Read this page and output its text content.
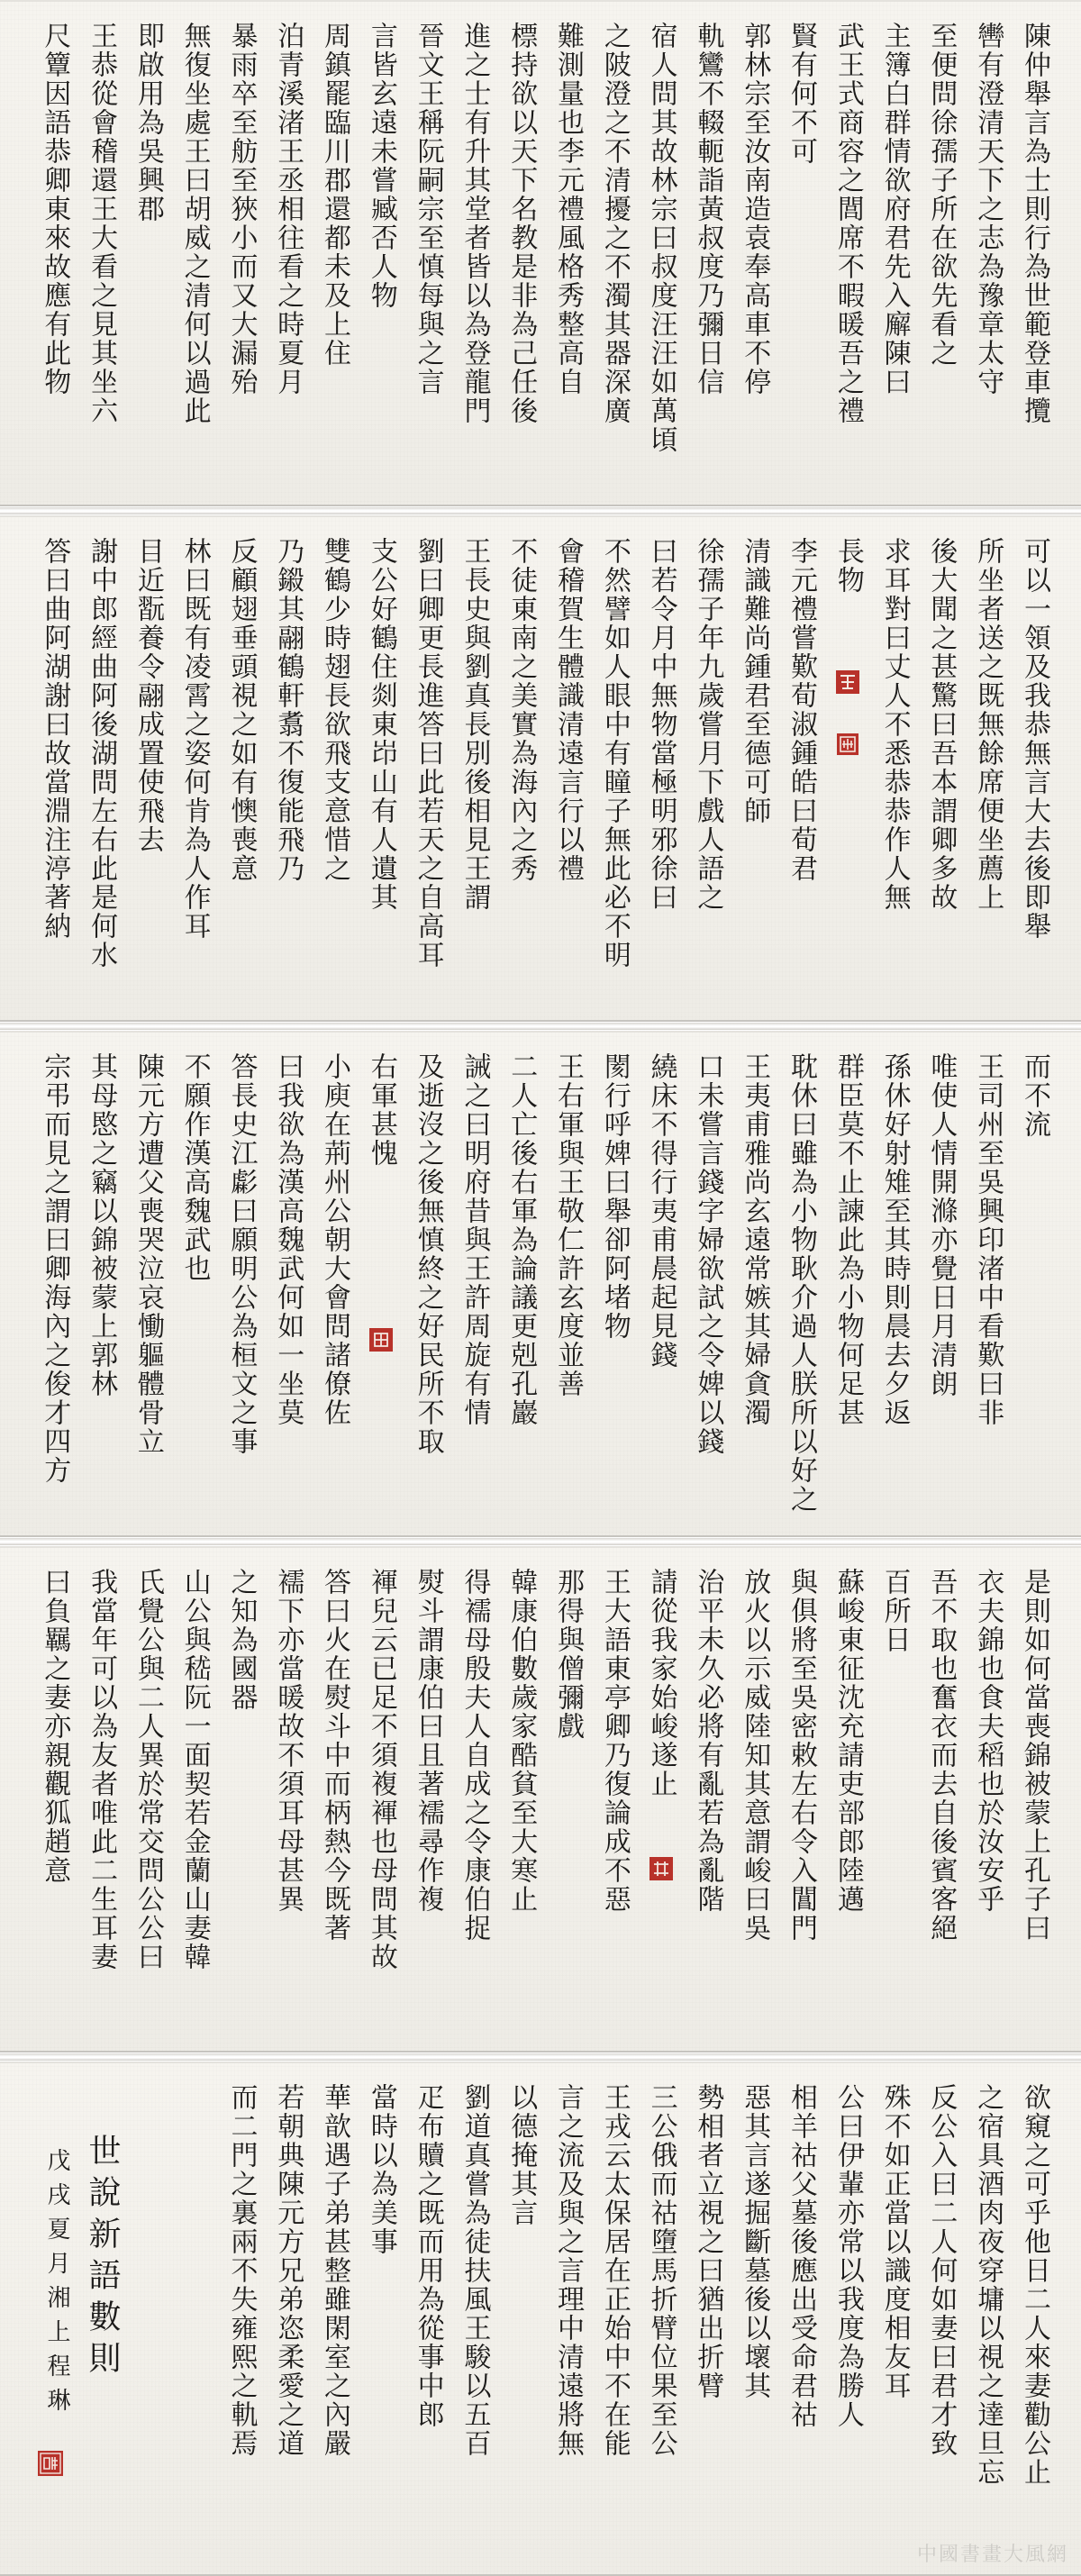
陳仲舉言為士則行為世範登車攬
轡有澄清天下之志為豫章太守
至便問徐孺子所在欲先看之
主簿白群情欲府君先入廨陳曰
武王式商容之閭席不暇暖吾之禮
賢有何不可
郭林宗至汝南造袁奉高車不停
軌鸞不輟軛詣黃叔度乃彌日信
宿人問其故林宗曰叔度汪汪如萬頃
之陂澄之不清擾之不濁其器深廣
難測量也李元禮風格秀整高自
標持欲以天下名教是非為己任後
進之士有升其堂者皆以為登龍門
晉文王稱阮嗣宗至慎每與之言
言皆玄遠未嘗臧否人物
周鎮罷臨川郡還都未及上住
泊青溪渚王丞相往看之時夏月
暴雨卒至舫至狹小而又大漏殆
無復坐處王曰胡威之清何以過此
即啟用為吳興郡
王恭從會稽還王大看之見其坐六
尺簟因語恭卿東來故應有此物
可以一領及我恭無言大去後即舉
所坐者送之既無餘席便坐薦上
後大聞之甚驚曰吾本謂卿多故
求耳對曰丈人不悉恭恭作人無
長物
李元禮嘗歎荀淑鍾皓曰荀君
清識難尚鍾君至德可師
徐孺子年九歲嘗月下戲人語之
曰若令月中無物當極明邪徐曰
不然譬如人眼中有瞳子無此必不明
會稽賀生體識清遠言行以禮
不徒東南之美實為海內之秀
王長史與劉真長別後相見王謂
劉曰卿更長進答曰此若天之自高耳
支公好鶴住剡東岇山有人遺其
雙鶴少時翅長欲飛支意惜之
乃鎩其翮鶴軒翥不復能飛乃
反顧翅垂頭視之如有懊喪意
林曰既有凌霄之姿何肯為人作耳
目近翫養令翮成置使飛去
謝中郎經曲阿後湖問左右此是何水
答曰曲阿湖謝曰故當淵注渟著納
而不流
王司州至吳興印渚中看歎曰非
唯使人情開滌亦覺日月清朗
孫休好射雉至其時則晨去夕返
群臣莫不止諫此為小物何足甚
耽休曰雖為小物耿介過人朕所以好之
王夷甫雅尚玄遠常嫉其婦貪濁
口未嘗言錢字婦欲試之令婢以錢
繞床不得行夷甫晨起見錢
閡行呼婢曰舉卻阿堵物
王右軍與王敬仁許玄度並善
二人亡後右軍為論議更剋孔巖
誡之曰明府昔與王許周旋有情
及逝沒之後無慎終之好民所不取
右軍甚愧
小庾在荊州公朝大會問諸僚佐
曰我欲為漢高魏武何如一坐莫
答長史江虨曰願明公為桓文之事
不願作漢高魏武也
陳元方遭父喪哭泣哀慟軀體骨立
其母愍之竊以錦被蒙上郭林
宗弔而見之謂曰卿海內之俊才四方
是則如何當喪錦被蒙上孔子曰
衣夫錦也食夫稻也於汝安乎
吾不取也奮衣而去自後賓客絕
百所日
蘇峻東征沈充請吏部郎陸邁
與俱將至吳密敕左右令入閶門
放火以示威陸知其意謂峻曰吳
治平未久必將有亂若為亂階
請從我家始峻遂止
王大語東亭卿乃復論成不惡
那得與僧彌戲
韓康伯數歲家酷貧至大寒止
得襦母殷夫人自成之令康伯捉
熨斗謂康伯曰且著襦尋作複
褌兒云已足不須複褌也母問其故
答曰火在熨斗中而柄熱今既著
襦下亦當暖故不須耳母甚異
之知為國器
山公與嵇阮一面契若金蘭山妻韓
氏覺公與二人異於常交問公公曰
我當年可以為友者唯此二生耳妻
曰負羈之妻亦親觀狐趙意
欲窺之可乎他日二人來妻勸公止
之宿具酒肉夜穿墉以視之達旦忘
反公入曰二人何如妻曰君才致
殊不如正當以識度相友耳
公曰伊輩亦常以我度為勝人
相羊祜父墓後應出受命君祜
惡其言遂掘斷墓後以壞其
勢相者立視之曰猶出折臂
三公俄而祜墮馬折臂位果至公
王戎云太保居在正始中不在能
言之流及與之言理中清遠將無
以德掩其言
劉道真嘗為徒扶風王駿以五百
疋布贖之既而用為從事中郎
當時以為美事
華歆遇子弟甚整雖閑室之內嚴
若朝典陳元方兄弟恣柔愛之道
而二門之裏兩不失雍熙之軌焉
世說新語數則
戊戌夏月湘上程琳
中國書畫大風網
